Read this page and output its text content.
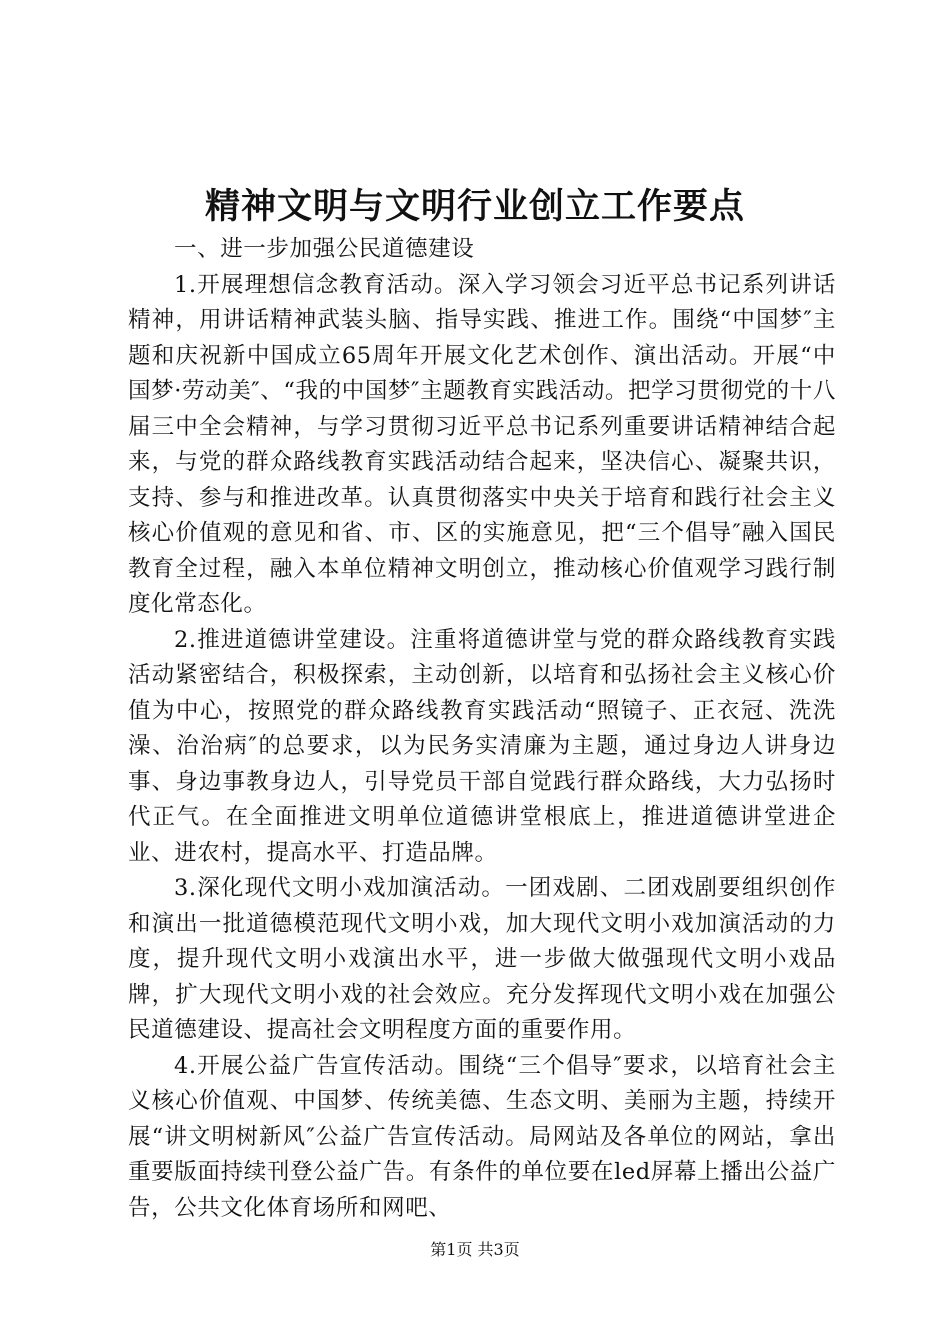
精神文明与文明行业创立工作要点

一、进一步加强公民道德建设

1.开展理想信念教育活动。深入学习领会习近平总书记系列讲话精神，用讲话精神武装头脑、指导实践、推进工作。围绕“中国梦″主题和庆祝新中国成立65周年开展文化艺术创作、演出活动。开展“中国梦·劳动美″、“我的中国梦″主题教育实践活动。把学习贯彻党的十八届三中全会精神，与学习贯彻习近平总书记系列重要讲话精神结合起来，与党的群众路线教育实践活动结合起来，坚决信心、凝聚共识，支持、参与和推进改革。认真贯彻落实中央关于培育和践行社会主义核心价值观的意见和省、市、区的实施意见，把“三个倡导″融入国民教育全过程，融入本单位精神文明创立，推动核心价值观学习践行制度化常态化。

2.推进道德讲堂建设。注重将道德讲堂与党的群众路线教育实践活动紧密结合，积极探索，主动创新，以培育和弘扬社会主义核心价值为中心，按照党的群众路线教育实践活动“照镜子、正衣冠、洗洗澡、治治病″的总要求，以为民务实清廉为主题，通过身边人讲身边事、身边事教身边人，引导党员干部自觉践行群众路线，大力弘扬时代正气。在全面推进文明单位道德讲堂根底上，推进道德讲堂进企业、进农村，提高水平、打造品牌。

3.深化现代文明小戏加演活动。一团戏剧、二团戏剧要组织创作和演出一批道德模范现代文明小戏，加大现代文明小戏加演活动的力度，提升现代文明小戏演出水平，进一步做大做强现代文明小戏品牌，扩大现代文明小戏的社会效应。充分发挥现代文明小戏在加强公民道德建设、提高社会文明程度方面的重要作用。

4.开展公益广告宣传活动。围绕“三个倡导″要求，以培育社会主义核心价值观、中国梦、传统美德、生态文明、美丽为主题，持续开展“讲文明树新风″公益广告宣传活动。局网站及各单位的网站，拿出重要版面持续刊登公益广告。有条件的单位要在led屏幕上播出公益广告，公共文化体育场所和网吧、

第1页 共3页
